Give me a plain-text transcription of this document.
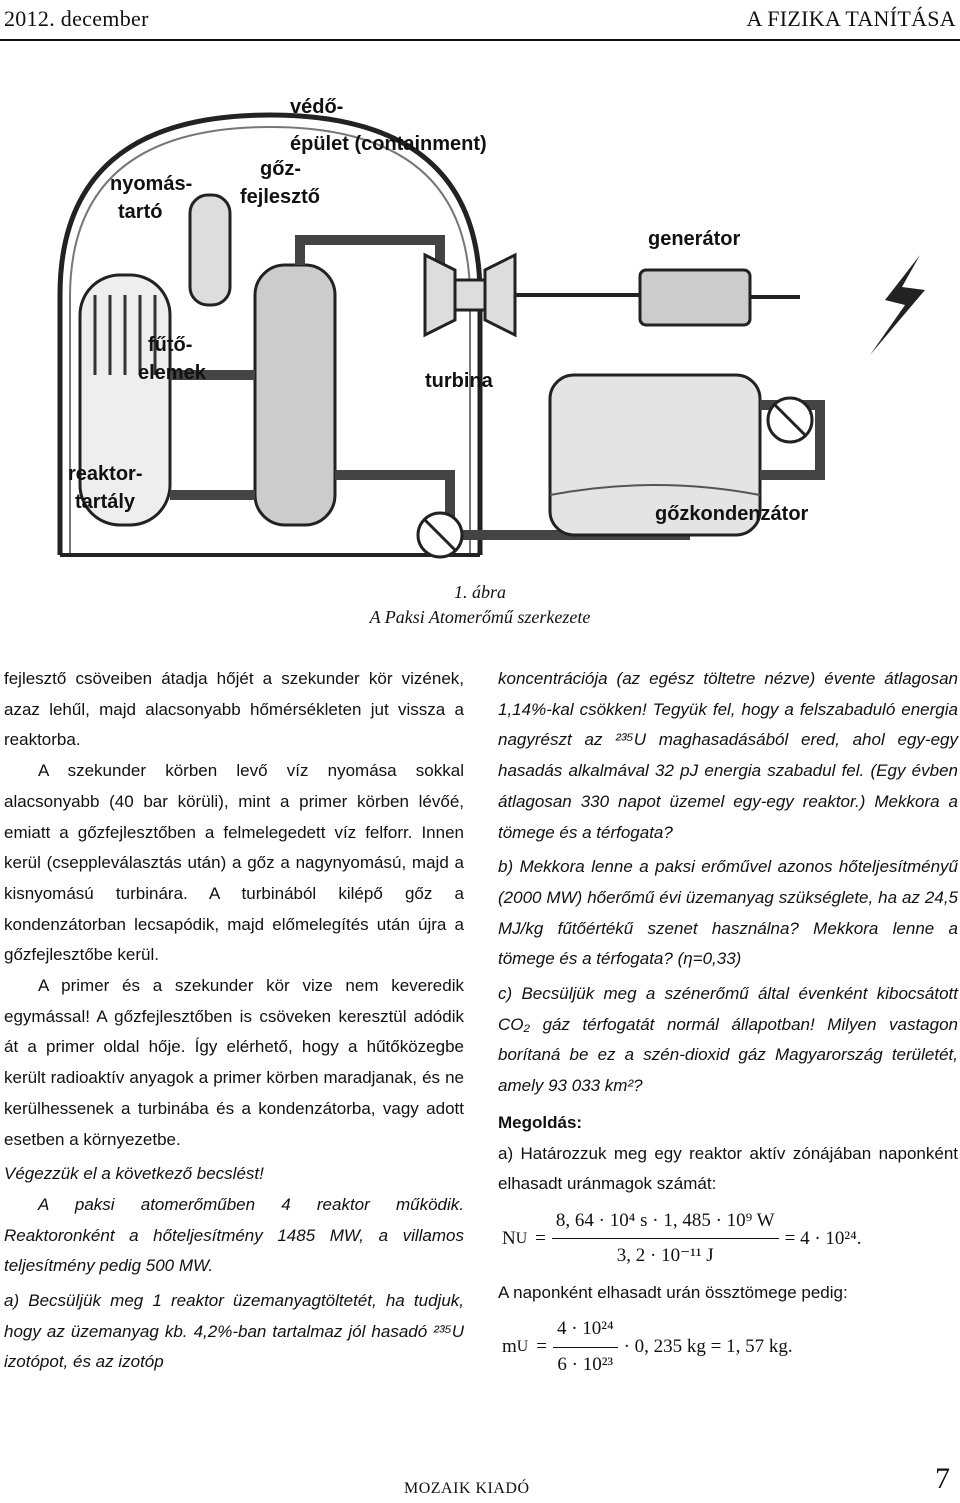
2012. december	A FIZIKA TANÍTÁSA
védő-
épület (containment)
gőz-
fejlesztő
nyomás-
tartó
generátor
fűtő-
elemek	turbina
reaktor-
tartály
gőzkondenzátor
1. ábra
A Paksi Atomerőmű szerkezete

fejlesztő csöveiben átadja hőjét a szekunder kör vizének, azaz lehűl, majd alacsonyabb hőmérsékleten jut vissza a reaktorba.

A szekunder körben levő víz nyomása sokkal alacsonyabb (40 bar körüli), mint a primer körben lévőé, emiatt a gőzfejlesztőben a felmelegedett víz felforr. Innen kerül (cseppleválasztás után) a gőz a nagynyomású, majd a kisnyomású turbinára. A turbinából kilépő gőz a kondenzátorban lecsapódik, majd előmelegítés után újra a gőzfejlesztőbe kerül.

A primer és a szekunder kör vize nem keveredik egymással! A gőzfejlesztőben is csöveken keresztül adódik át a primer oldal hője. Így elérhető, hogy a hűtőközegbe került radioaktív anyagok a primer körben maradjanak, és ne kerülhessenek a turbinába és a kondenzátorba, vagy adott esetben a környezetbe.

Végezzük el a következő becslést!

A paksi atomerőműben 4 reaktor működik. Reaktoronként a hőteljesítmény 1485 MW, a villamos teljesítmény pedig 500 MW.

a) Becsüljük meg 1 reaktor üzemanyagtöltetét, ha tudjuk, hogy az üzemanyag kb. 4,2%-ban tartalmaz jól hasadó ²³⁵U izotópot, és az izotóp

koncentrációja (az egész töltetre nézve) évente átlagosan 1,14%-kal csökken! Tegyük fel, hogy a felszabaduló energia nagyrészt az ²³⁵U maghasadásából ered, ahol egy-egy hasadás alkalmával 32 pJ energia szabadul fel. (Egy évben átlagosan 330 napot üzemel egy-egy reaktor.) Mekkora a tömege és a térfogata?

b) Mekkora lenne a paksi erőművel azonos hőteljesítményű (2000 MW) hőerőmű évi üzemanyag szükséglete, ha az 24,5 MJ/kg fűtőértékű szenet használna? Mekkora lenne a tömege és a térfogata? (η=0,33)

c) Becsüljük meg a szénerőmű által évenként kibocsátott CO₂ gáz térfogatát normál állapotban! Milyen vastagon borítaná be ez a szén-dioxid gáz Magyarország területét, amely 93 033 km²?

Megoldás:

a) Határozzuk meg egy reaktor aktív zónájában naponként elhasadt uránmagok számát:

N $U = \frac{\text{8, 64 · 10⁴ s · 1, 485 · 10⁹ W}}{\text{3, 2 · 10⁻¹¹ J}} = 4 \cdot 10^{24}$.

A naponként elhasadt urán össztömege pedig:

m $U = \frac{\text{4 · 10²⁴}}{\text{6 · 10²³}} \cdot 0$, 235 kg = 1, 57 kg.
MOZAIK KIADÓ	7
